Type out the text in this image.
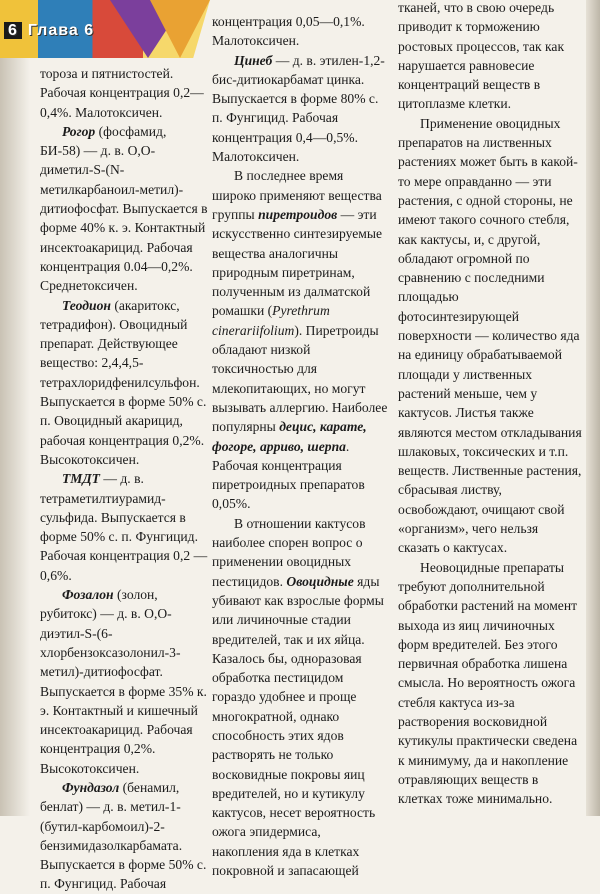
6 Глава 6

тороза и пятнистостей. Рабочая концентрация 0,2—0,4%. Малотоксичен.

Рогор (фосфамид, БИ-58) — д. в. О,О-диметил-S-(N-метилкарбаноил-метил)-дитиофосфат. Выпускается в форме 40% к. э. Контактный инсектоакарицид. Рабочая концентрация 0.04—0,2%. Среднетоксичен.

Теодион (акаритокс, тетрадифон). Овоцидный препарат. Действующее вещество: 2,4,4,5-тетрахлоридфенилсульфон. Выпускается в форме 50% с. п. Овоцидный акарицид, рабочая концентрация 0,2%. Высокотоксичен.

ТМДТ — д. в. тетраметилтиурамид-сульфида. Выпускается в форме 50% с. п. Фунгицид. Рабочая концентрация 0,2 — 0,6%.

Фозалон (золон, рубитокс) — д. в. О,О-диэтил-S-(6-хлорбензоксазолонил-3-метил)-дитиофосфат. Выпускается в форме 35% к. э. Контактный и кишечный инсектоакарицид. Рабочая концентрация 0,2%. Высокотоксичен.

Фундазол (бенамил, бенлат) — д. в. метил-1-(бутил-карбомоил)-2-бензимидазолкарбамата. Выпускается в форме 50% с. п. Фунгицид. Рабочая

концентрация 0,05—0,1%. Малотоксичен.

Цинеб — д. в. этилен-1,2-бис-дитиокарбамат цинка. Выпускается в форме 80% с. п. Фунгицид. Рабочая концентрация 0,4—0,5%. Малотоксичен.

В последнее время широко применяют вещества группы пиретроидов — эти искусственно синтезируемые вещества аналогичны природным пиретринам, полученным из далматской ромашки (Pyrethrum cinerariifolium). Пиретроиды обладают низкой токсичностью для млекопитающих, но могут вызывать аллергию. Наиболее популярны децис, карате, фогоре, арриво, шерпа. Рабочая концентрация пиретроидных препаратов 0,05%.

В отношении кактусов наиболее спорен вопрос о применении овоцидных пестицидов. Овоцидные яды убивают как взрослые формы или личиночные стадии вредителей, так и их яйца. Казалось бы, одноразовая обработка пестицидом гораздо удобнее и проще многократной, однако способность этих ядов растворять не только восковидные покровы яиц вредителей, но и кутикулу кактусов, несет вероятность ожога эпидермиса, накопления яда в клетках покровной и запасающей

тканей, что в свою очередь приводит к торможению ростовых процессов, так как нарушается равновесие концентраций веществ в цитоплазме клетки.

Применение овоцидных препаратов на лиственных растениях может быть в какой-то мере оправданно — эти растения, с одной стороны, не имеют такого сочного стебля, как кактусы, и, с другой, обладают огромной по сравнению с последними площадью фотосинтезирующей поверхности — количество яда на единицу обрабатываемой площади у лиственных растений меньше, чем у кактусов. Листья также являются местом откладывания шлаковых, токсических и т.п. веществ. Лиственные растения, сбрасывая листву, освобождают, очищают свой «организм», чего нельзя сказать о кактусах.

Неовоцидные препараты требуют дополнительной обработки растений на момент выхода из яиц личиночных форм вредителей. Без этого первичная обработка лишена смысла. Но вероятность ожога стебля кактуса из-за растворения восковидной кутикулы практически сведена к минимуму, да и накопление отравляющих веществ в клетках тоже минимально.
